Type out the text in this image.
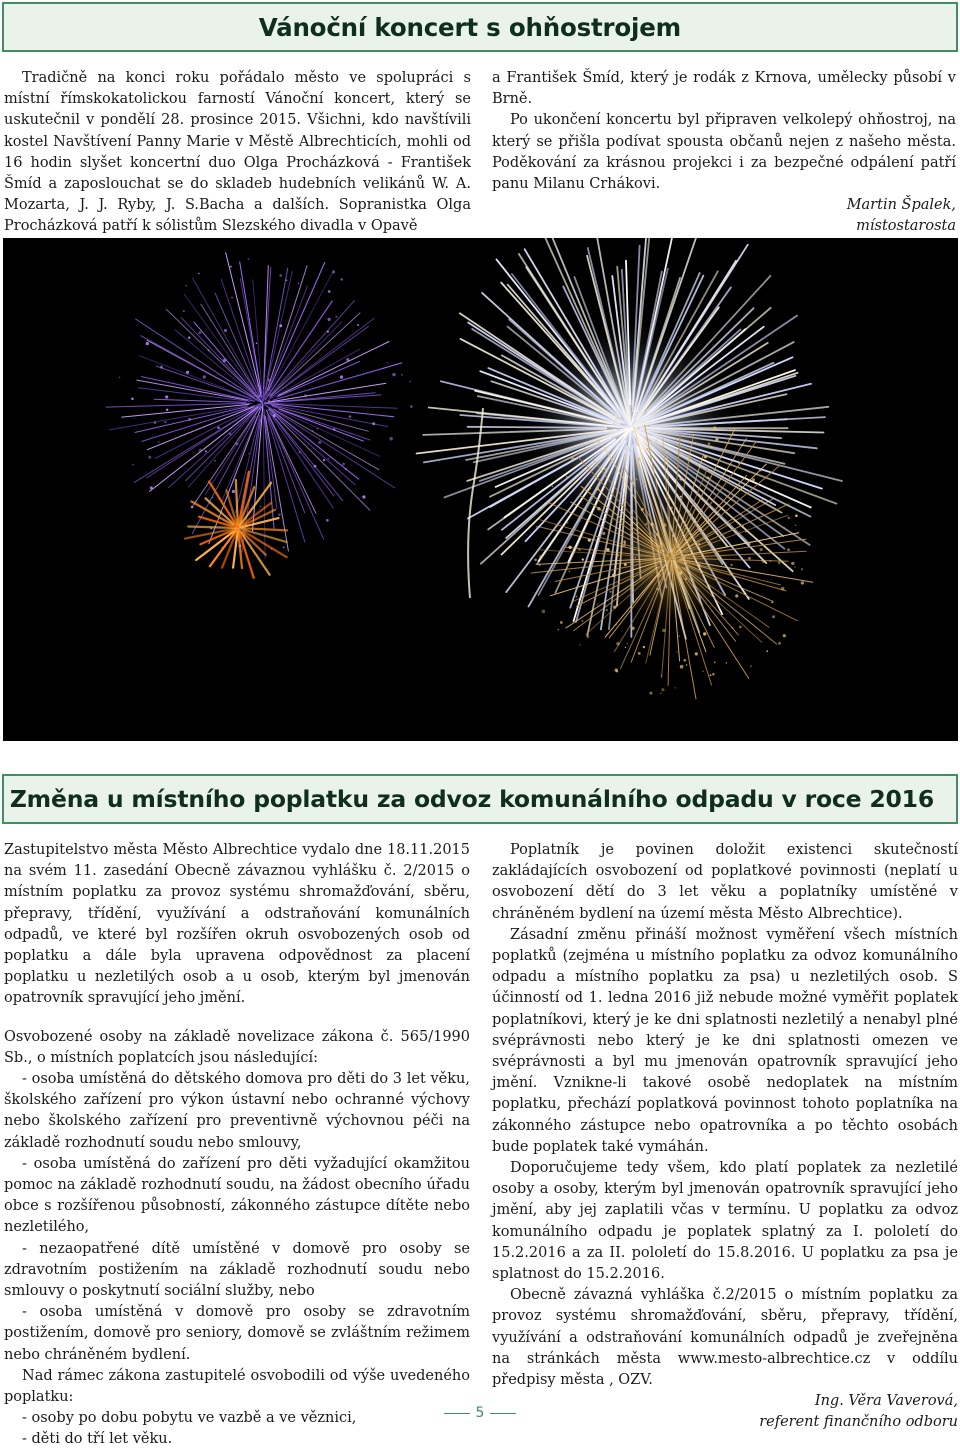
Vánoční koncert s ohňostrojem

Tradičně na konci roku pořádalo město ve spolupráci s místní římskokatolickou farností Vánoční koncert, který se uskutečnil v pondělí 28. prosince 2015. Všichni, kdo navštívili kostel Navštívení Panny Marie v Městě Albrechticích, mohli od 16 hodin slyšet koncertní duo Olga Procházková - František Šmíd a zaposlouchat se do skladeb hudebních velikánů W. A. Mozarta, J. J. Ryby, J. S.Bacha a dalších. Sopranistka Olga Procházková patří k sólistům Slezského divadla v Opavě

a František Šmíd, který je rodák z Krnova, umělecky působí v Brně.

Po ukončení koncertu byl připraven velkolepý ohňostroj, na který se přišla podívat spousta občanů nejen z našeho města. Poděkování za krásnou projekci i za bezpečné odpálení patří panu Milanu Crhákovi.

Martin Špalek,
místostarosta
Změna u místního poplatku za odvoz komunálního odpadu v roce 2016

Zastupitelstvo města Město Albrechtice vydalo dne 18.11.2015 na svém 11. zasedání Obecně závaznou vyhlášku č. 2/2015 o místním poplatku za provoz systému shromažďování, sběru, přepravy, třídění, využívání a odstraňování komunálních odpadů, ve které byl rozšířen okruh osvobozených osob od poplatku a dále byla upravena odpovědnost za placení poplatku u nezletilých osob a u osob, kterým byl jmenován opatrovník spravující jeho jmění.

Osvobozené osoby na základě novelizace zákona č. 565/1990 Sb., o místních poplatcích jsou následující:

- osoba umístěná do dětského domova pro děti do 3 let věku, školského zařízení pro výkon ústavní nebo ochranné výchovy nebo školského zařízení pro preventivně výchovnou péči na základě rozhodnutí soudu nebo smlouvy,

- osoba umístěná do zařízení pro děti vyžadující okamžitou pomoc na základě rozhodnutí soudu, na žádost obecního úřadu obce s rozšířenou působností, zákonného zástupce dítěte nebo nezletilého,

- nezaopatřené dítě umístěné v domově pro osoby se zdravotním postižením na základě rozhodnutí soudu nebo smlouvy o poskytnutí sociální služby, nebo

- osoba umístěná v domově pro osoby se zdravotním postižením, domově pro seniory, domově se zvláštním režimem nebo chráněném bydlení.

Nad rámec zákona zastupitelé osvobodili od výše uvedeného poplatku:

- osoby po dobu pobytu ve vazbě a ve věznici,

- děti do tří let věku.

Poplatník je povinen doložit existenci skutečností zakládajících osvobození od poplatkové povinnosti (neplatí u osvobození dětí do 3 let věku a poplatníky umístěné v chráněném bydlení na území města Město Albrechtice).

Zásadní změnu přináší možnost vyměření všech místních poplatků (zejména u místního poplatku za odvoz komunálního odpadu a místního poplatku za psa) u nezletilých osob. S účinností od 1. ledna 2016 již nebude možné vyměřit poplatek poplatníkovi, který je ke dni splatnosti nezletilý a nenabyl plné svéprávnosti nebo který je ke dni splatnosti omezen ve svéprávnosti a byl mu jmenován opatrovník spravující jeho jmění. Vznikne-li takové osobě nedoplatek na místním poplatku, přechází poplatková povinnost tohoto poplatníka na zákonného zástupce nebo opatrovníka a po těchto osobách bude poplatek také vymáhán.

Doporučujeme tedy všem, kdo platí poplatek za nezletilé osoby a osoby, kterým byl jmenován opatrovník spravující jeho jmění, aby jej zaplatili včas v termínu. U poplatku za odvoz komunálního odpadu je poplatek splatný za I. pololetí do 15.2.2016 a za II. pololetí do 15.8.2016. U poplatku za psa je splatnost do 15.2.2016.

Obecně závazná vyhláška č.2/2015 o místním poplatku za provoz systému shromažďování, sběru, přepravy, třídění, využívání a odstraňování komunálních odpadů je zveřejněna na stránkách města www.mesto-albrechtice.cz v oddílu předpisy města , OZV.

Ing. Věra Vaverová,
referent finančního odboru
5
